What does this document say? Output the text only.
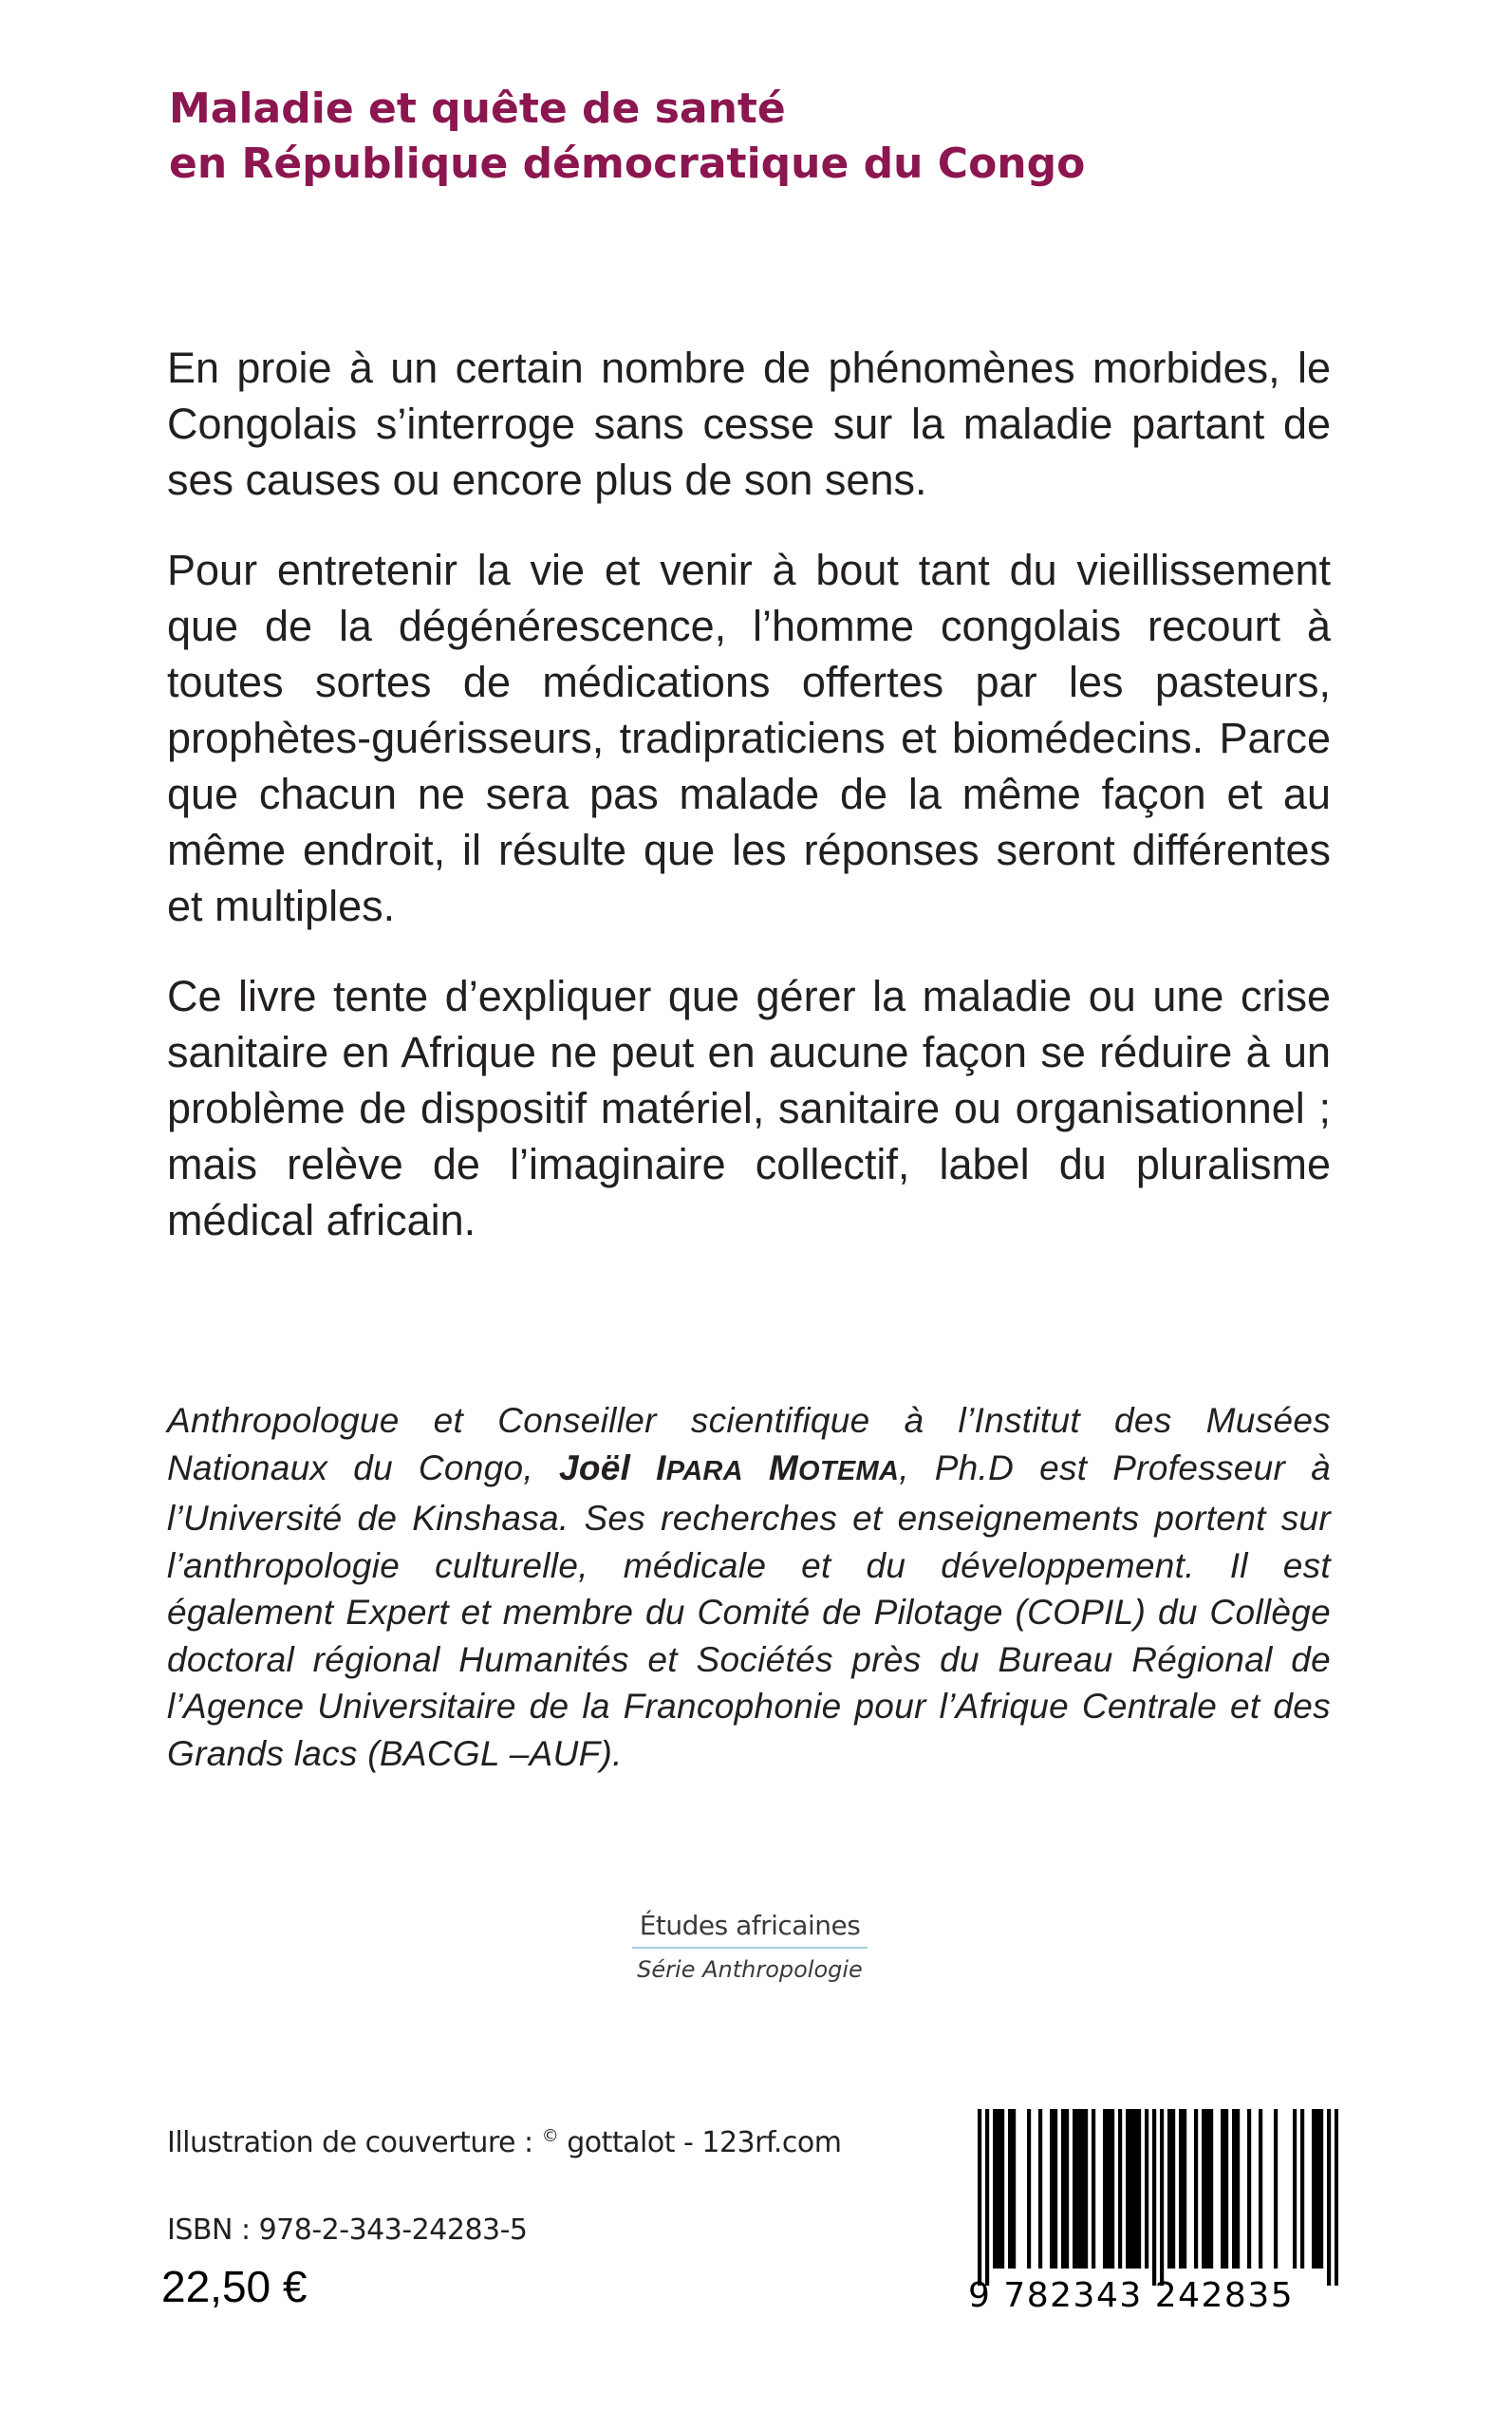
Maladie et quête de santé
en République démocratique du Congo

En proie à un certain nombre de phénomènes morbides, le Congolais s’interroge sans cesse sur la maladie partant de ses causes ou encore plus de son sens.

Pour entretenir la vie et venir à bout tant du vieillissement que de la dégénérescence, l’homme congolais recourt à toutes sortes de médications offertes par les pasteurs, prophètes-guérisseurs, tradipraticiens et biomédecins. Parce que chacun ne sera pas malade de la même façon et au même endroit, il résulte que les réponses seront différentes et multiples.

Ce livre tente d’expliquer que gérer la maladie ou une crise sanitaire en Afrique ne peut en aucune façon se réduire à un problème de dispositif matériel, sanitaire ou organisationnel ; mais relève de l’imaginaire collectif, label du pluralisme médical africain.

Anthropologue et Conseiller scientifique à l’Institut des Musées Nationaux du Congo, Joël IPARA MOTEMA, Ph.D est Professeur à l’Université de Kinshasa. Ses recherches et enseignements portent sur l’anthropologie culturelle, médicale et du développement. Il est également Expert et membre du Comité de Pilotage (COPIL) du Collège doctoral régional Humanités et Sociétés près du Bureau Régional de l’Agence Universitaire de la Francophonie pour l’Afrique Centrale et des Grands lacs (BACGL –AUF).

Études africaines
Série Anthropologie
Illustration de couverture : © gottalot - 123rf.com
ISBN : 978-2-343-24283-5
22,50 €	9 782343 242835
